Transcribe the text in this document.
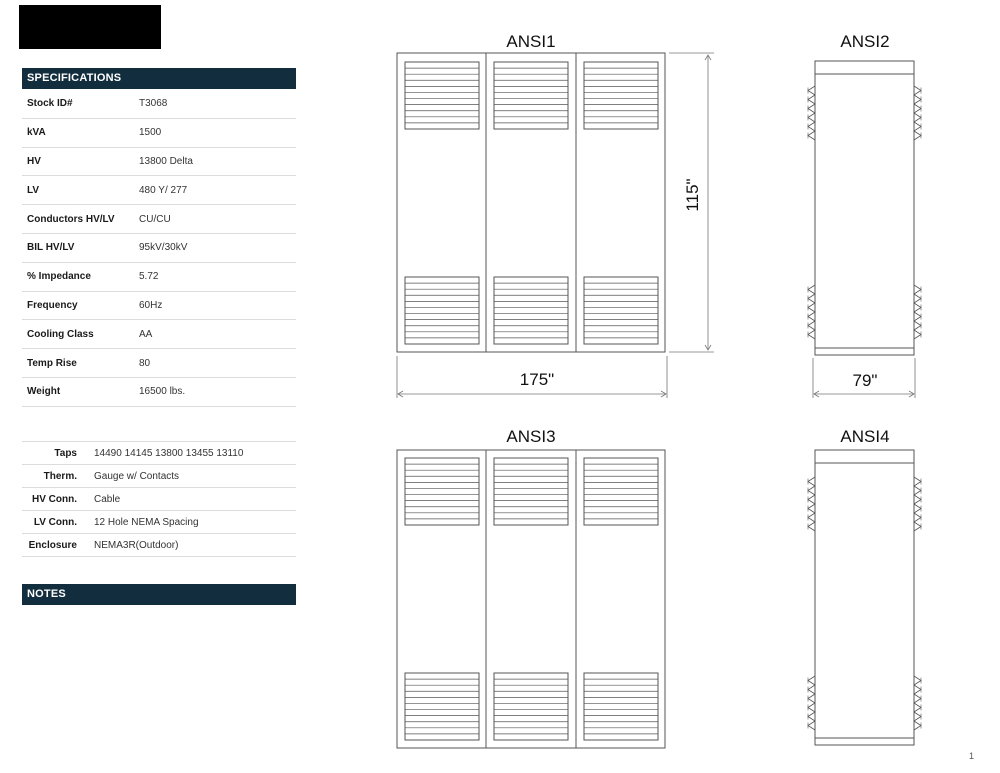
SPECIFICATIONS
Stock ID#	T3068
kVA	1500
HV	13800 Delta
LV	480 Y/ 277
Conductors HV/LV	CU/CU
BIL HV/LV	95kV/30kV
% Impedance	5.72
Frequency	60Hz
Cooling Class	AA
Temp Rise	80
Weight	16500 lbs.
Taps	14490 14145 13800 13455 13110
Therm.	Gauge w/ Contacts
HV Conn.	Cable
LV Conn.	12 Hole NEMA Spacing
Enclosure	NEMA3R(Outdoor)
NOTES
ANSI1	ANSI2
ANSI3	ANSI4
115"
175"	79"
1
